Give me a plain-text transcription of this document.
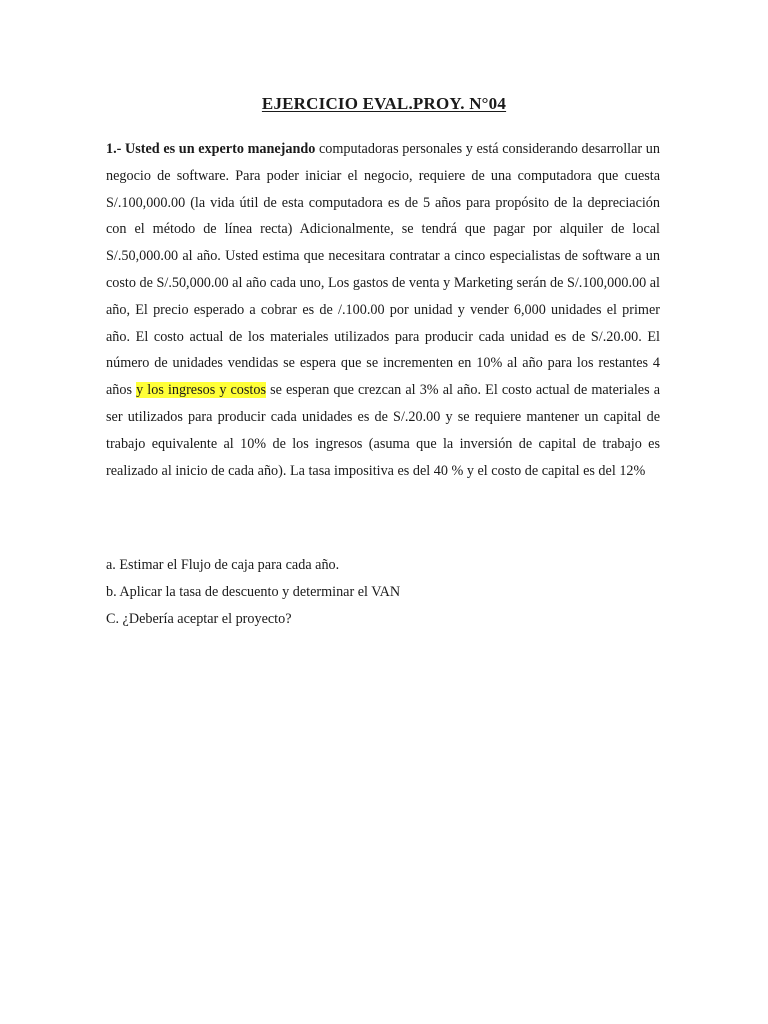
EJERCICIO EVAL.PROY. N°04

1.- Usted es un experto manejando computadoras personales y está considerando desarrollar un negocio de software. Para poder iniciar el negocio, requiere de una computadora que cuesta S/.100,000.00 (la vida útil de esta computadora es de 5 años para propósito de la depreciación con el método de línea recta) Adicionalmente, se tendrá que pagar por alquiler de local S/.50,000.00 al año. Usted estima que necesitara contratar a cinco especialistas de software a un costo de S/.50,000.00 al año cada uno, Los gastos de venta y Marketing serán de S/.100,000.00 al año, El precio esperado a cobrar es de /.100.00 por unidad y vender 6,000 unidades el primer año. El costo actual de los materiales utilizados para producir cada unidad es de S/.20.00. El número de unidades vendidas se espera que se incrementen en 10% al año para los restantes 4 años y los ingresos y costos se esperan que crezcan al 3% al año. El costo actual de materiales a ser utilizados para producir cada unidades es de S/.20.00 y se requiere mantener un capital de trabajo equivalente al 10% de los ingresos (asuma que la inversión de capital de trabajo es realizado al inicio de cada año). La tasa impositiva es del 40 % y el costo de capital es del 12%

a. Estimar el Flujo de caja para cada año.
b. Aplicar la tasa de descuento y determinar el VAN
C. ¿Debería aceptar el proyecto?
